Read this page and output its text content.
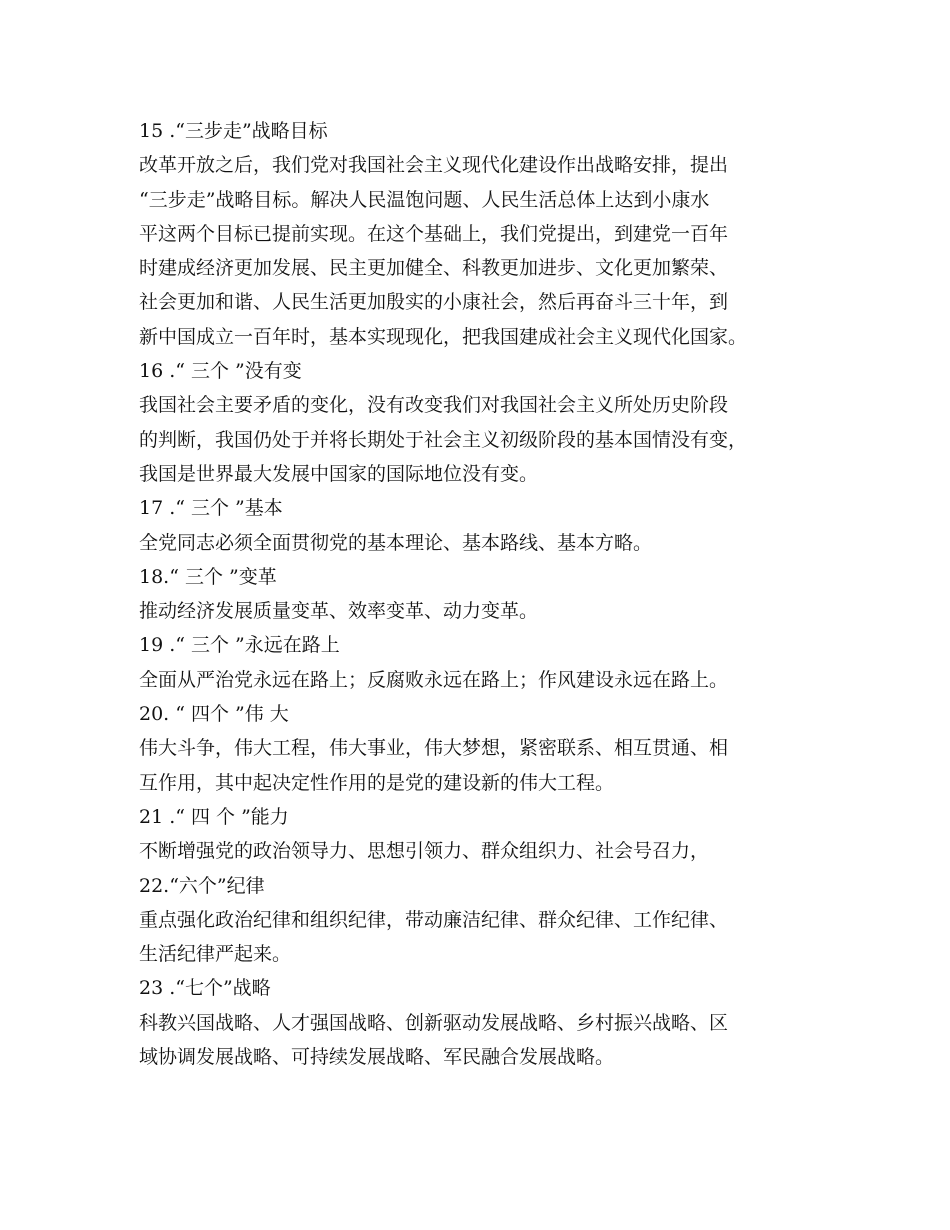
15 .“三步走”战略目标
改革开放之后，我们党对我国社会主义现代化建设作出战略安排，提出
“三步走”战略目标。解决人民温饱问题、人民生活总体上达到小康水
平这两个目标已提前实现。在这个基础上，我们党提出，到建党一百年
时建成经济更加发展、民主更加健全、科教更加进步、文化更加繁荣、
社会更加和谐、人民生活更加殷实的小康社会，然后再奋斗三十年，到
新中国成立一百年时，基本实现现化，把我国建成社会主义现代化国家。
16 .“ 三个 ”没有变
我国社会主要矛盾的变化，没有改变我们对我国社会主义所处历史阶段
的判断，我国仍处于并将长期处于社会主义初级阶段的基本国情没有变，
我国是世界最大发展中国家的国际地位没有变。
17 .“ 三个 ”基本
全党同志必须全面贯彻党的基本理论、基本路线、基本方略。
18.“ 三个 ”变革
推动经济发展质量变革、效率变革、动力变革。
19 .“ 三个 ”永远在路上
全面从严治党永远在路上；反腐败永远在路上；作风建设永远在路上。
20. “ 四个 ”伟 大
伟大斗争，伟大工程，伟大事业，伟大梦想，紧密联系、相互贯通、相
互作用，其中起决定性作用的是党的建设新的伟大工程。
21 .“ 四 个 ”能力
不断增强党的政治领导力、思想引领力、群众组织力、社会号召力，
22.“六个”纪律
重点强化政治纪律和组织纪律，带动廉洁纪律、群众纪律、工作纪律、
生活纪律严起来。
23 .“七个”战略
科教兴国战略、人才强国战略、创新驱动发展战略、乡村振兴战略、区
域协调发展战略、可持续发展战略、军民融合发展战略。
